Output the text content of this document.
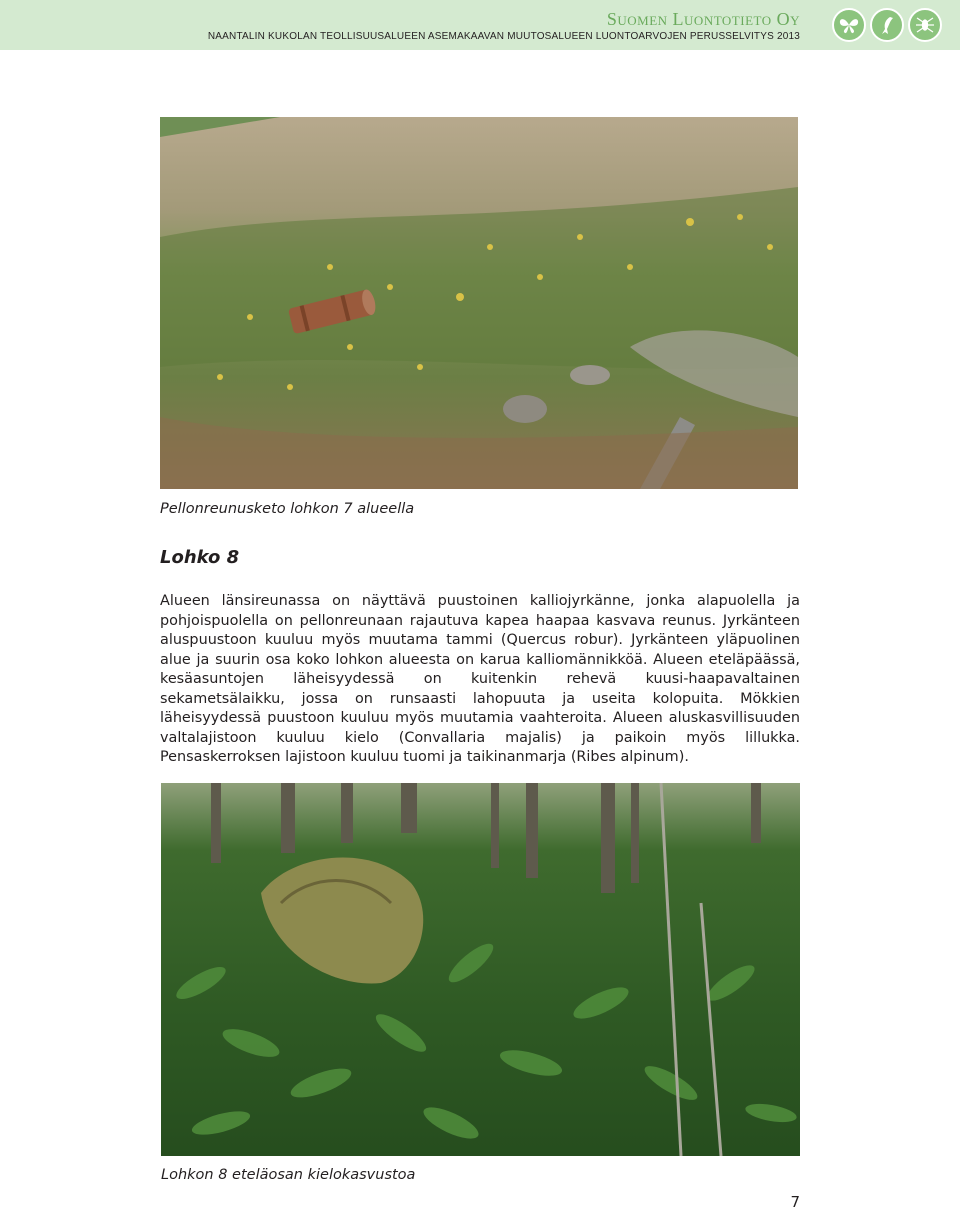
Suomen Luontotieto Oy
NAANTALIN KUKOLAN TEOLLISUUSALUEEN ASEMAKAAVAN MUUTOSALUEEN LUONTOARVOJEN PERUSSELVITYS 2013
Pellonreunusketo lohkon 7 alueella
Lohko 8
Alueen länsireunassa on näyttävä puustoinen kalliojyrkänne, jonka alapuolella ja pohjoispuolella on pellonreunaan rajautuva kapea haapaa kasvava reunus. Jyrkänteen aluspuustoon kuuluu myös muutama tammi (Quercus robur). Jyrkänteen yläpuolinen alue ja suurin osa koko lohkon alueesta on karua kalliomännikköä. Alueen eteläpäässä, kesäasuntojen läheisyydessä on kuitenkin rehevä kuusi-haapavaltainen sekametsälaikku, jossa on runsaasti lahopuuta ja useita kolopuita. Mökkien läheisyydessä puustoon kuuluu myös muutamia vaahteroita. Alueen aluskasvillisuuden valtalajistoon kuuluu kielo (Convallaria majalis) ja paikoin myös lillukka. Pensaskerroksen lajistoon kuuluu tuomi ja taikinanmarja (Ribes alpinum).
Lohkon 8 eteläosan kielokasvustoa
7
